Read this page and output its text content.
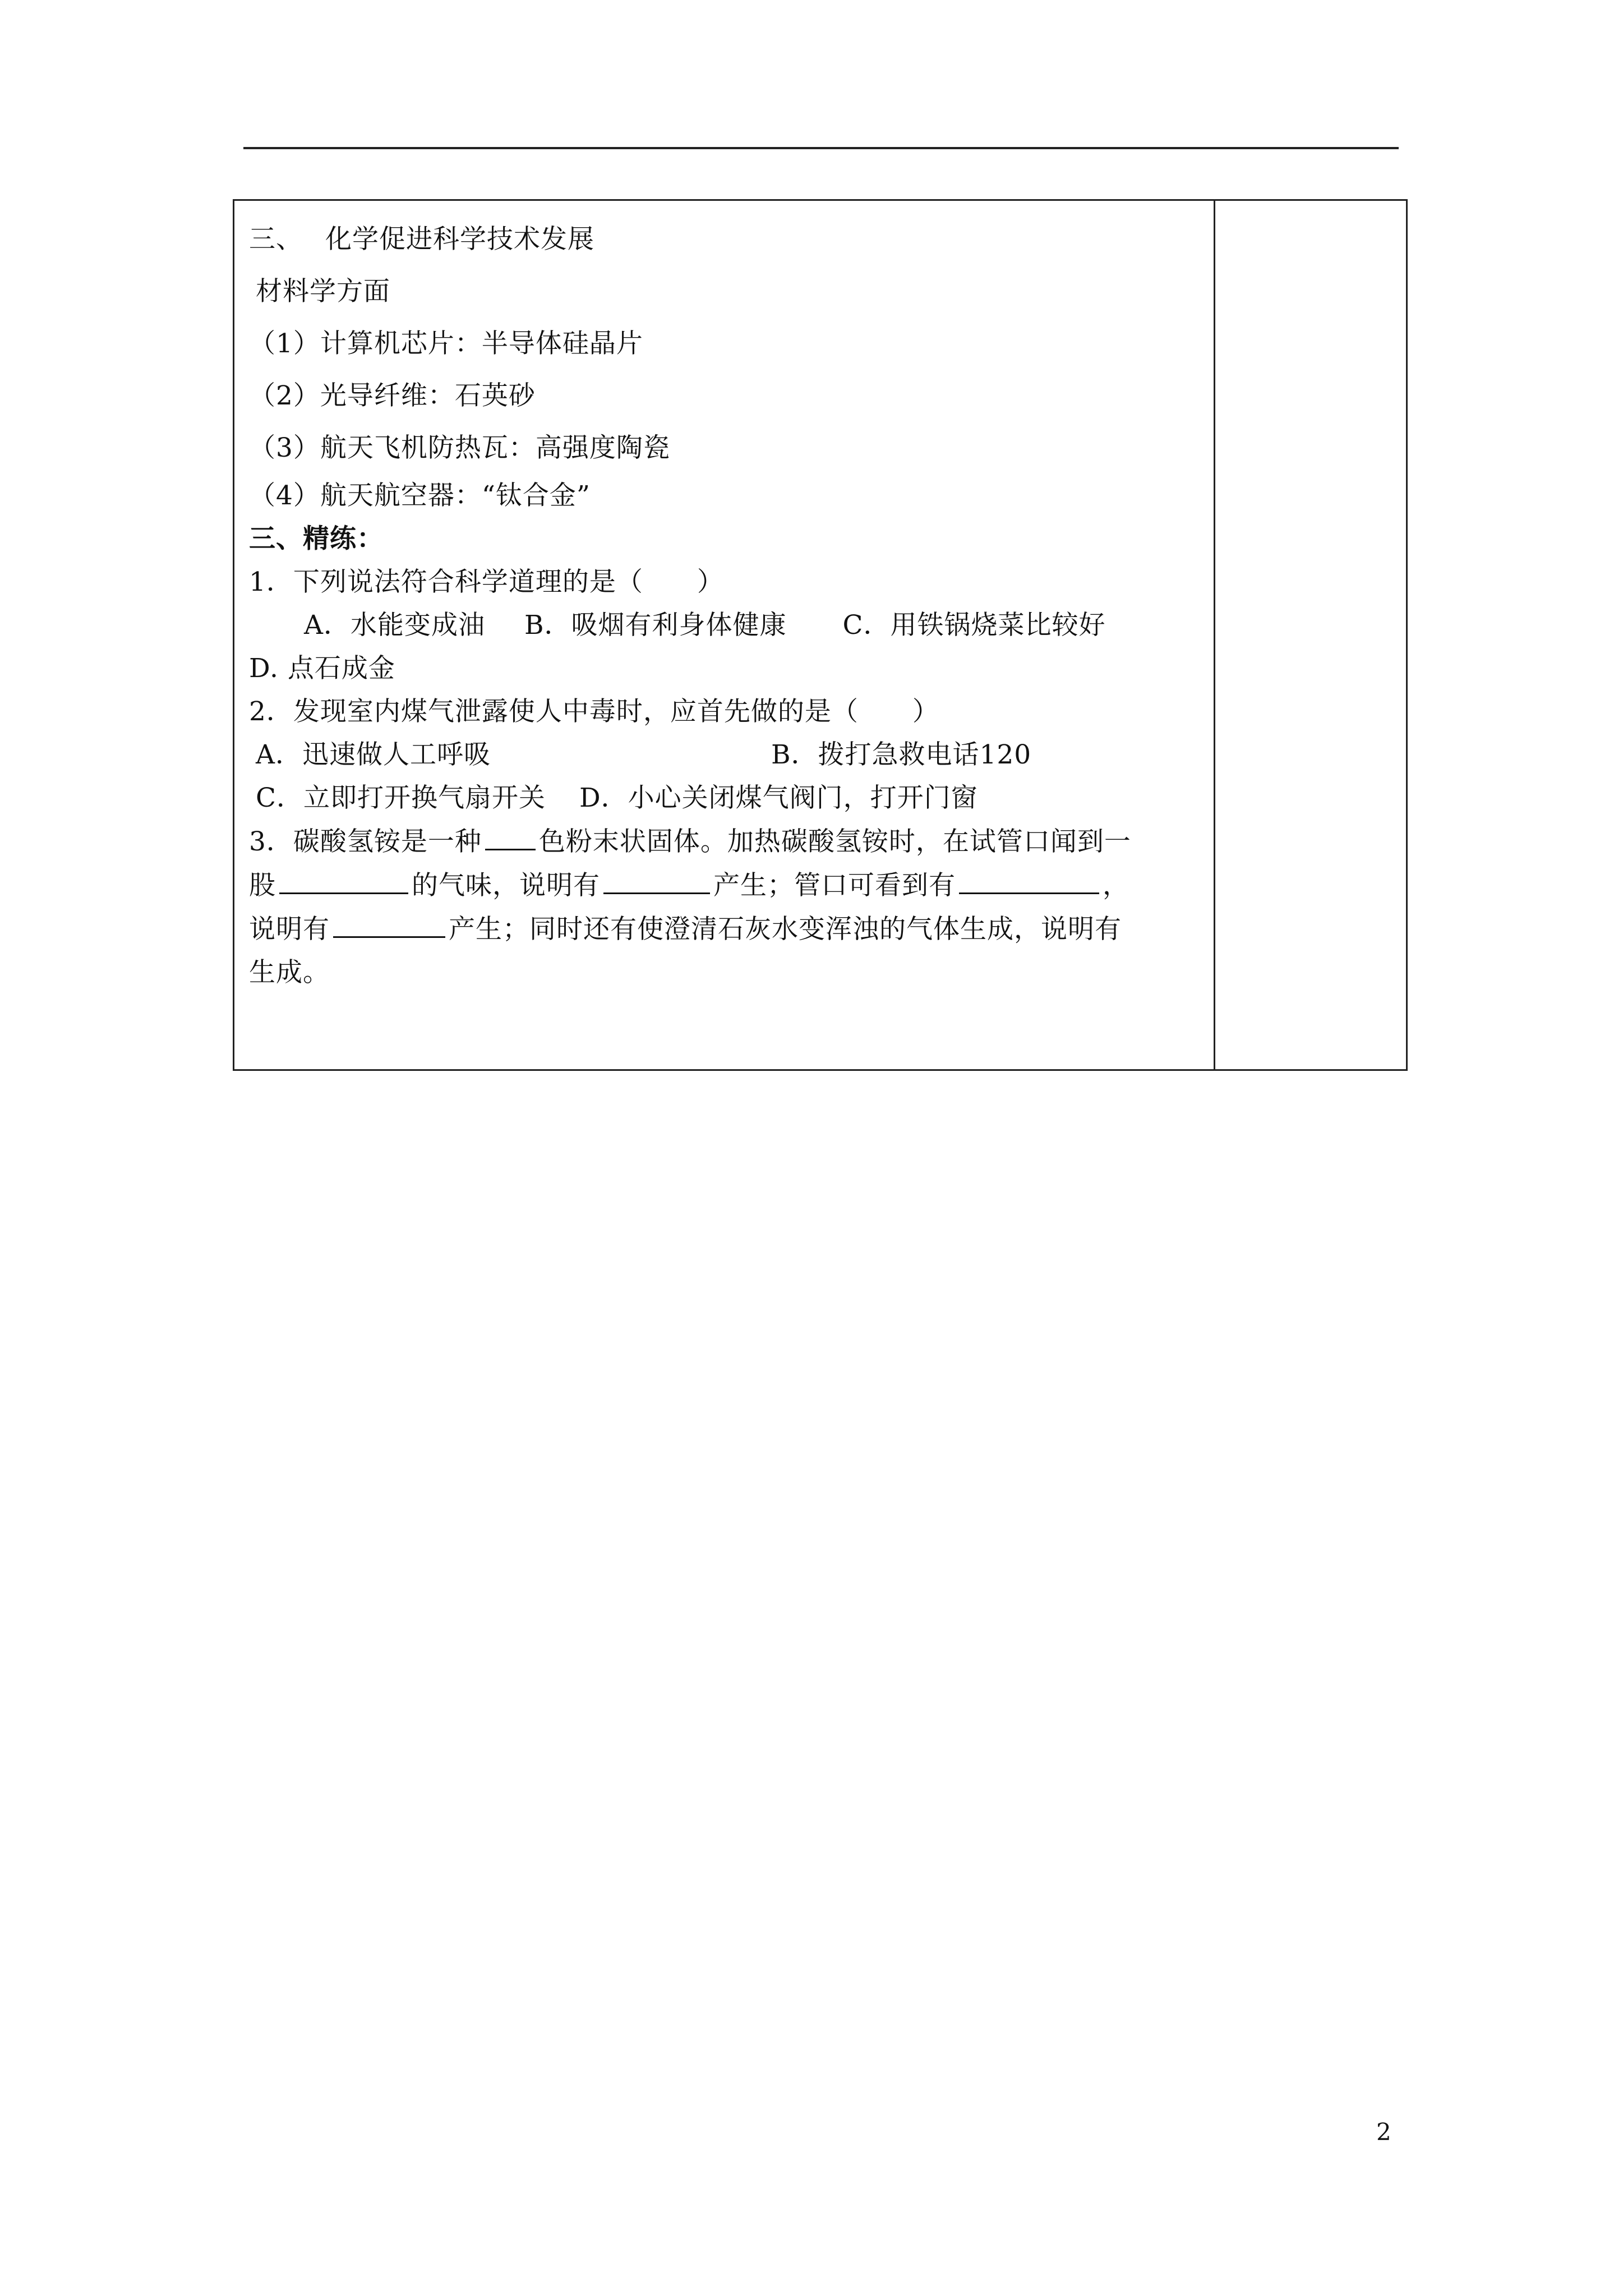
三、 化学促进科学技术发展
材料学方面
（1）计算机芯片：半导体硅晶片
（2）光导纤维：石英砂
（3）航天飞机防热瓦：高强度陶瓷
（4）航天航空器：“钛合金”
三、精练：
1．下列说法符合科学道理的是（　　）
A．水能变成油 B．吸烟有利身体健康 C．用铁锅烧菜比较好
D. 点石成金
2．发现室内煤气泄露使人中毒时，应首先做的是（　　）
A．迅速做人工呼吸	B．拨打急救电话120
C．立即打开换气扇开关 D．小心关闭煤气阀门，打开门窗
3．碳酸氢铵是一种 色粉末状固体。加热碳酸氢铵时，在试管口闻到一
股	的气味，说明有	产生；管口可看到有	，
说明有	产生；同时还有使澄清石灰水变浑浊的气体生成，说明有
生成。
2
